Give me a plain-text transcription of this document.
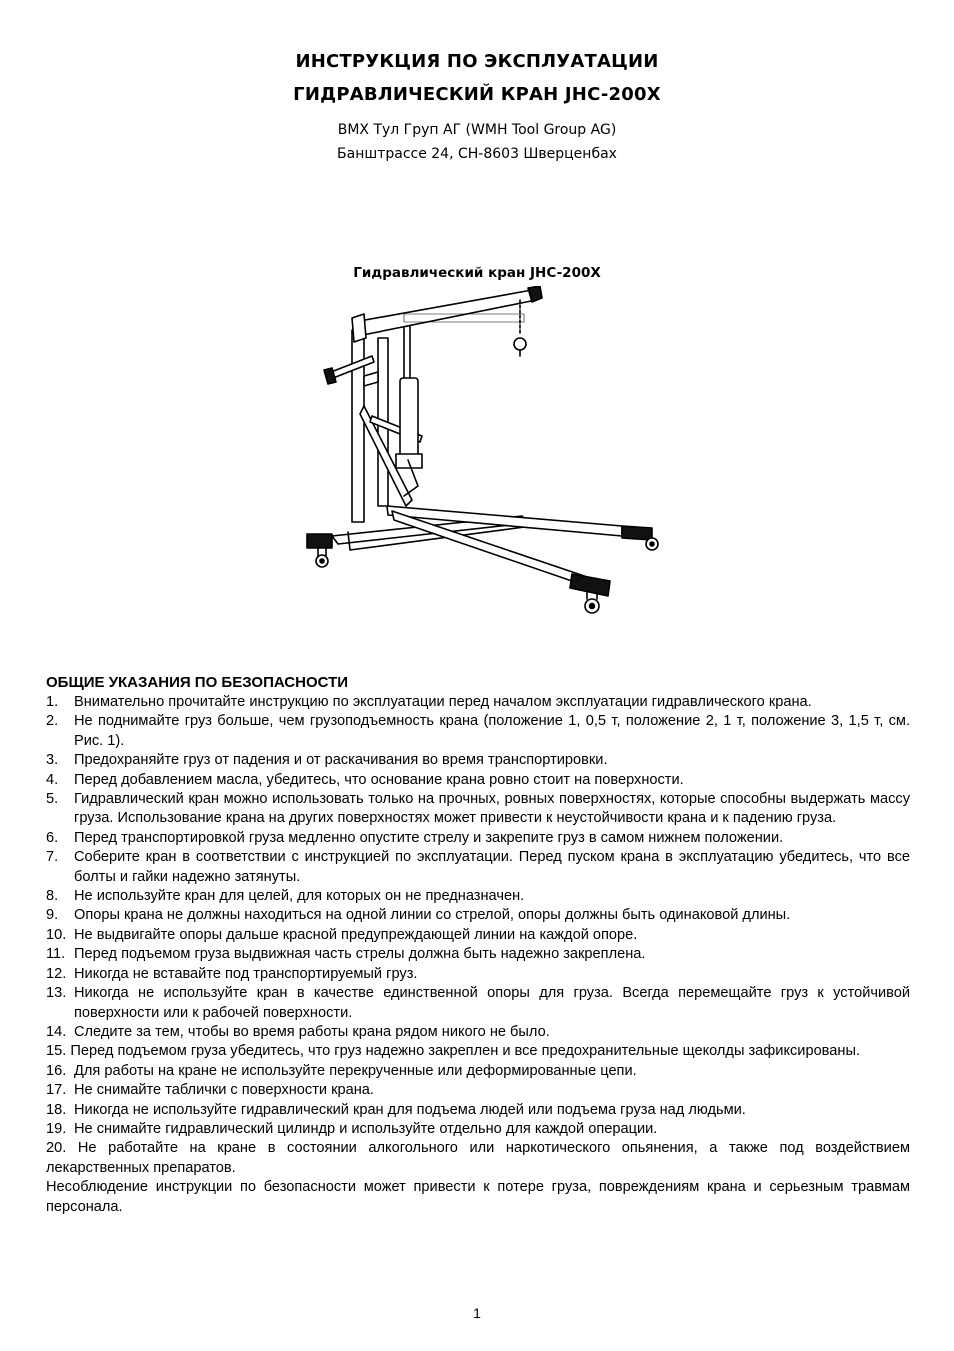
ИНСТРУКЦИЯ ПО ЭКСПЛУАТАЦИИ
ГИДРАВЛИЧЕСКИЙ КРАН JHC-200X
ВМХ Тул Груп АГ (WMH Tool Group AG)
Банштрассе 24, CH-8603 Шверценбах
Гидравлический кран JHC-200X
ОБЩИЕ УКАЗАНИЯ ПО БЕЗОПАСНОСТИ
1.	Внимательно прочитайте инструкцию по эксплуатации перед началом эксплуатации гидравлического крана.
2.	Не поднимайте груз больше, чем грузоподъемность крана (положение 1, 0,5 т, положение 2, 1 т, положение 3, 1,5 т, см. Рис. 1).
3.	Предохраняйте груз от падения и от раскачивания во время транспортировки.
4.	Перед добавлением масла, убедитесь, что основание крана ровно стоит на поверхности.
5.	Гидравлический кран можно использовать только на прочных, ровных поверхностях, которые способны выдержать массу груза. Использование крана на других поверхностях может привести к неустойчивости крана и к падению груза.
6.	Перед транспортировкой груза медленно опустите стрелу и закрепите груз в самом нижнем положении.
7.	Соберите кран в соответствии с инструкцией по эксплуатации. Перед пуском крана в эксплуатацию убедитесь, что все болты и гайки надежно затянуты.
8.	Не используйте кран для целей, для которых он не предназначен.
9.	Опоры крана не должны находиться на одной линии со стрелой, опоры должны быть одинаковой длины.
10. Не выдвигайте опоры дальше красной предупреждающей линии на каждой опоре.
11. Перед подъемом груза выдвижная часть стрелы должна быть надежно закреплена.
12. Никогда не вставайте под транспортируемый груз.
13. Никогда не используйте кран в качестве единственной опоры для груза. Всегда перемещайте груз к устойчивой поверхности или к рабочей поверхности.
14. Следите за тем, чтобы во время работы крана рядом никого не было.
15. Перед подъемом груза убедитесь, что груз надежно закреплен и все предохранительные щеколды зафиксированы.
16. Для работы на кране не используйте перекрученные или деформированные цепи.
17. Не снимайте таблички с поверхности крана.
18. Никогда не используйте гидравлический кран для подъема людей или подъема груза над людьми.
19. Не снимайте гидравлический цилиндр и используйте отдельно для каждой операции.
20. Не работайте на кране в состоянии алкогольного или наркотического опьянения, а также под воздействием лекарственных препаратов.
Несоблюдение инструкции по безопасности может привести к потере груза, повреждениям крана и серьезным травмам персонала.
1
